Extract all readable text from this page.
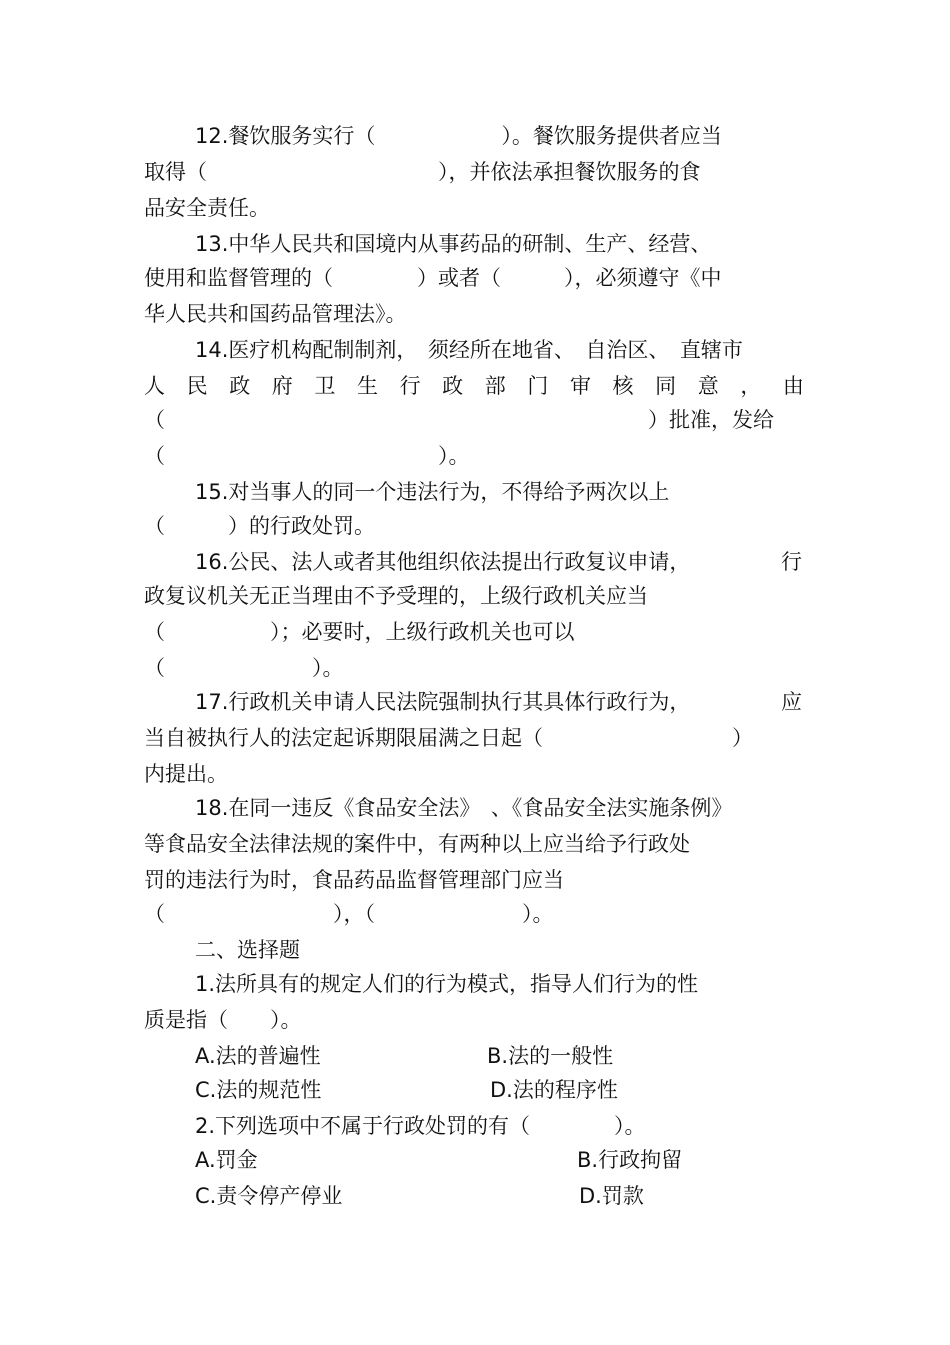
12.餐饮服务实行（　　　　　　）。餐饮服务提供者应当

取得（　　　　　　　　　　　），并依法承担餐饮服务的食

品安全责任。

13.中华人民共和国境内从事药品的研制、生产、经营、

使用和监督管理的（　　　　）或者（　　　），必须遵守《中

华人民共和国药品管理法》。

14.医疗机构配制制剂，　须经所在地省、　自治区、　直辖市

人 民 政 府 卫 生 行 政 部 门 审 核 同 意 ， 由

（　　　　　　　　　　　　　　　　　　　　　　　）批准，发给

（　　　　　　　　　　　　　）。

15.对当事人的同一个违法行为，不得给予两次以上

（　　　）的行政处罚。

16.公民、法人或者其他组织依法提出行政复议申请，	行

政复议机关无正当理由不予受理的，上级行政机关应当

（　　　　　）；必要时，上级行政机关也可以

（　　　　　　　）。

17.行政机关申请人民法院强制执行其具体行政行为，	应

当自被执行人的法定起诉期限届满之日起（　　　　　　　　　）

内提出。

18.在同一违反《食品安全法》　、《食品安全法实施条例》

等食品安全法律法规的案件中，有两种以上应当给予行政处

罚的违法行为时，食品药品监督管理部门应当

（　　　　　　　　），（　　　　　　　）。

二、选择题

1.法所具有的规定人们的行为模式，指导人们行为的性

质是指（　　）。

A.法的普遍性	B.法的一般性

C.法的规范性	D.法的程序性

2.下列选项中不属于行政处罚的有（　　　　）。

A.罚金	B.行政拘留

C.责令停产停业	D.罚款
